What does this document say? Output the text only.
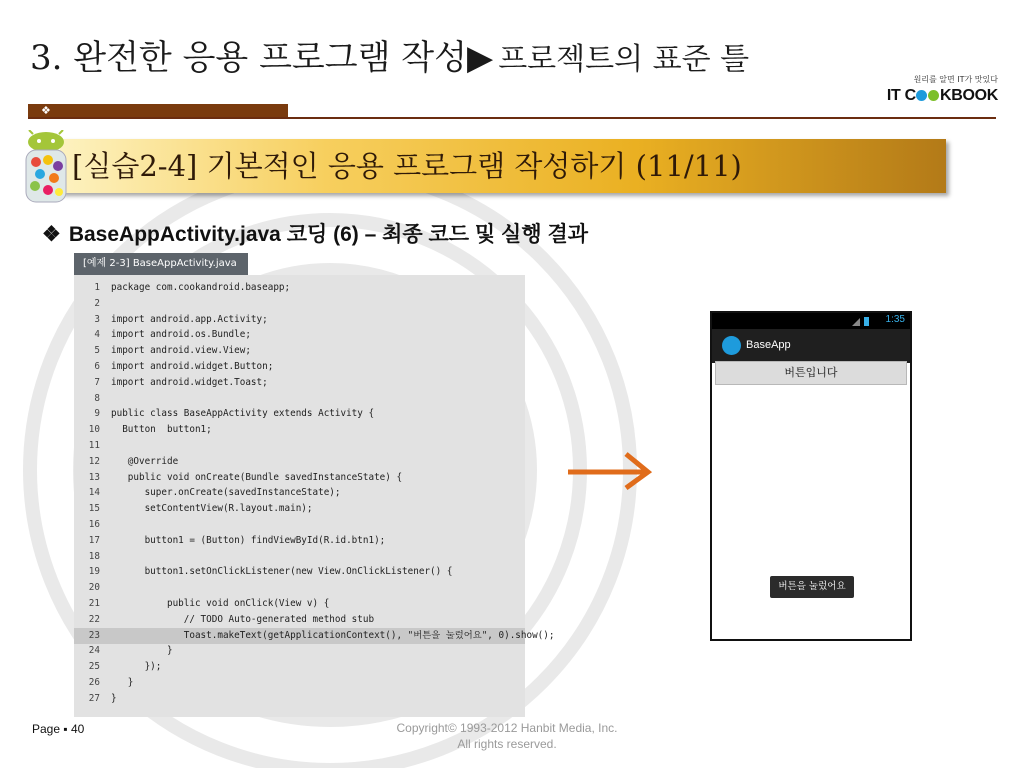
3. 완전한 응용 프로그램 작성▶ 프로젝트의 표준 틀
원리를 알면 IT가 맛있다
IT C KBOOK
❖
[실습2-4] 기본적인 응용 프로그램 작성하기 (11/11)
❖ BaseAppActivity.java 코딩 (6) – 최종 코드 및 실행 결과
[예제 2-3] BaseAppActivity.java
1 package com.cookandroid.baseapp;
2
3 import android.app.Activity;
4 import android.os.Bundle;
5 import android.view.View;
6 import android.widget.Button;
7 import android.widget.Toast;
8
9 public class BaseAppActivity extends Activity {
10  Button  button1;
11
12   @Override
13   public void onCreate(Bundle savedInstanceState) {
14      super.onCreate(savedInstanceState);
15      setContentView(R.layout.main);
16
17      button1 = (Button) findViewById(R.id.btn1);
18
19      button1.setOnClickListener(new View.OnClickListener() {
20
21          public void onClick(View v) {
22             // TODO Auto-generated method stub
23             Toast.makeText(getApplicationContext(), "버튼을 눌렀어요", 0).show();
24          }
25      });
26   }
27 }
1:35
BaseApp
버튼입니다
버튼을 눌렀어요
Page ▪ 40	Copyright© 1993-2012 Hanbit Media, Inc.
All rights reserved.
